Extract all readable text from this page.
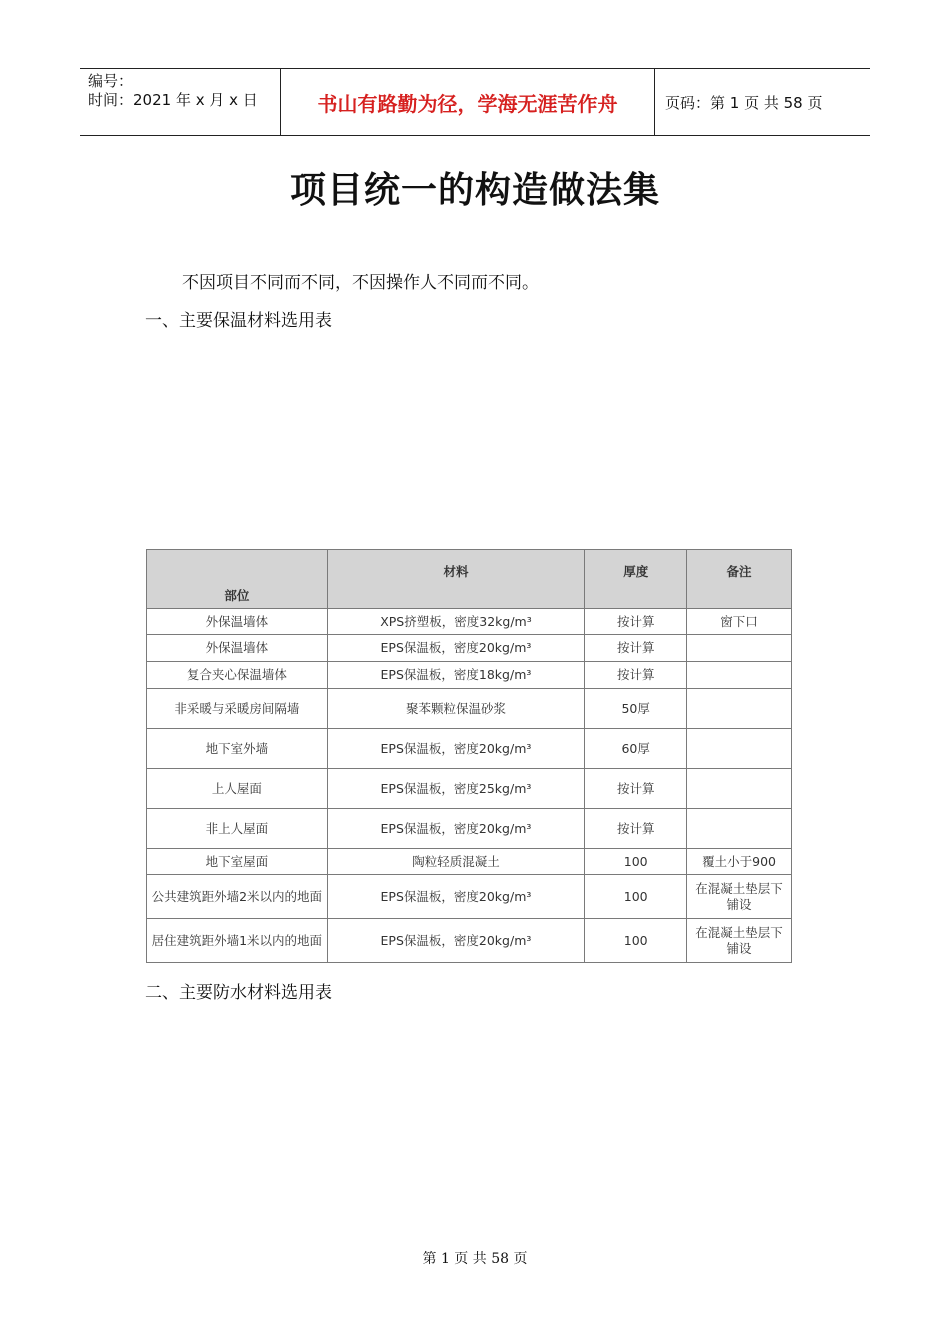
编号：
时间：2021 年 x 月 x 日	书山有路勤为径，学海无涯苦作舟	页码：第 1 页 共 58 页
项目统一的构造做法集
不因项目不同而不同，不因操作人不同而不同。
一、主要保温材料选用表
部位	材料	厚度	备注
外保温墙体	XPS挤塑板，密度32kg/m³	按计算	窗下口
外保温墙体	EPS保温板，密度20kg/m³	按计算	
复合夹心保温墙体	EPS保温板，密度18kg/m³	按计算	
非采暖与采暖房间隔墙	聚苯颗粒保温砂浆	50厚	
地下室外墙	EPS保温板，密度20kg/m³	60厚	
上人屋面	EPS保温板，密度25kg/m³	按计算	
非上人屋面	EPS保温板，密度20kg/m³	按计算	
地下室屋面	陶粒轻质混凝土	100	覆土小于900
公共建筑距外墙2米以内的地面	EPS保温板，密度20kg/m³	100	在混凝土垫层下铺设
居住建筑距外墙1米以内的地面	EPS保温板，密度20kg/m³	100	在混凝土垫层下铺设
二、主要防水材料选用表
第 1 页 共 58 页
